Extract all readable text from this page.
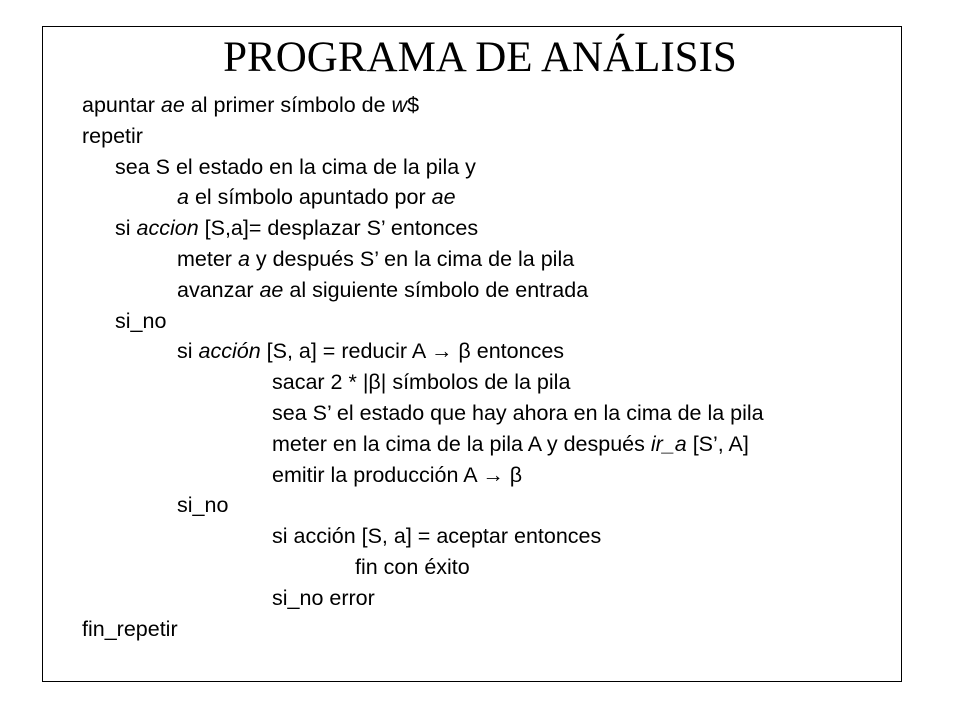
PROGRAMA DE ANÁLISIS
apuntar ae al primer símbolo de w$
repetir
sea S el estado en la cima de la pila y
a el símbolo apuntado por ae
si accion [S,a]= desplazar S’ entonces
meter a y después S’ en la cima de la pila
avanzar ae al siguiente símbolo de entrada
si_no
si acción [S, a] = reducir A → β entonces
sacar 2 * |β| símbolos de la pila
sea S’ el estado que hay ahora en la cima de la pila
meter en la cima de la pila A y después ir_a [S’, A]
emitir la producción A → β
si_no
si acción [S, a] = aceptar entonces
fin con éxito
si_no error
fin_repetir
